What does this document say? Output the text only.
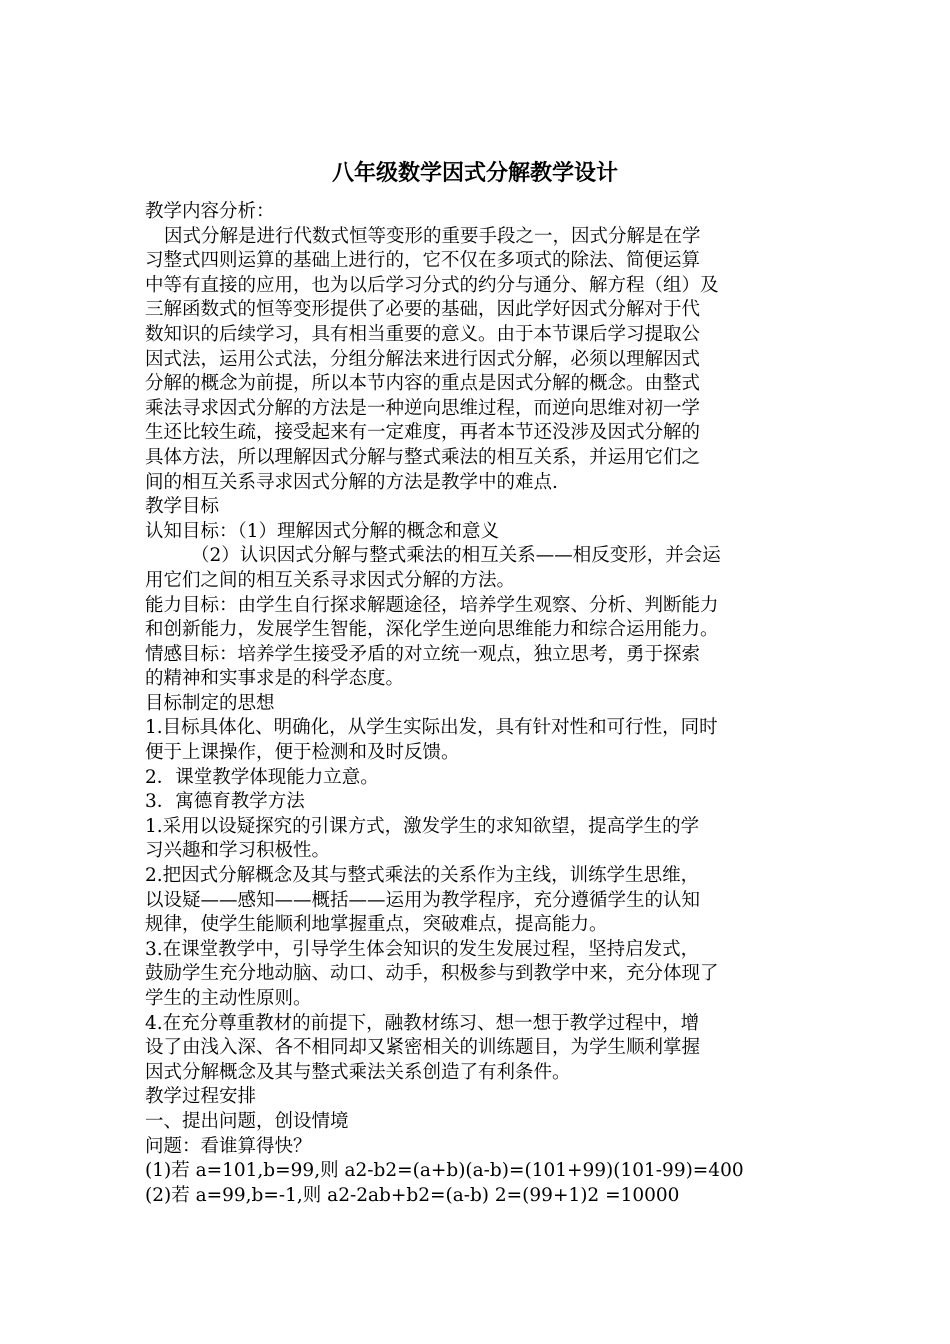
八年级数学因式分解教学设计
教学内容分析：
因式分解是进行代数式恒等变形的重要手段之一，因式分解是在学
习整式四则运算的基础上进行的，它不仅在多项式的除法、简便运算
中等有直接的应用，也为以后学习分式的约分与通分、解方程（组）及
三解函数式的恒等变形提供了必要的基础，因此学好因式分解对于代
数知识的后续学习，具有相当重要的意义。由于本节课后学习提取公
因式法，运用公式法，分组分解法来进行因式分解，必须以理解因式
分解的概念为前提，所以本节内容的重点是因式分解的概念。由整式
乘法寻求因式分解的方法是一种逆向思维过程，而逆向思维对初一学
生还比较生疏，接受起来有一定难度，再者本节还没涉及因式分解的
具体方法，所以理解因式分解与整式乘法的相互关系，并运用它们之
间的相互关系寻求因式分解的方法是教学中的难点.
教学目标
认知目标：（1）理解因式分解的概念和意义
（2）认识因式分解与整式乘法的相互关系——相反变形，并会运
用它们之间的相互关系寻求因式分解的方法。
能力目标：由学生自行探求解题途径，培养学生观察、分析、判断能力
和创新能力，发展学生智能，深化学生逆向思维能力和综合运用能力。
情感目标：培养学生接受矛盾的对立统一观点，独立思考，勇于探索
的精神和实事求是的科学态度。
目标制定的思想
1.目标具体化、明确化，从学生实际出发，具有针对性和可行性，同时
便于上课操作，便于检测和及时反馈。
2．课堂教学体现能力立意。
3．寓德育教学方法
1.采用以设疑探究的引课方式，激发学生的求知欲望，提高学生的学
习兴趣和学习积极性。
2.把因式分解概念及其与整式乘法的关系作为主线，训练学生思维，
以设疑——感知——概括——运用为教学程序，充分遵循学生的认知
规律，使学生能顺利地掌握重点，突破难点，提高能力。
3.在课堂教学中，引导学生体会知识的发生发展过程，坚持启发式，
鼓励学生充分地动脑、动口、动手，积极参与到教学中来，充分体现了
学生的主动性原则。
4.在充分尊重教材的前提下，融教材练习、想一想于教学过程中，增
设了由浅入深、各不相同却又紧密相关的训练题目，为学生顺利掌握
因式分解概念及其与整式乘法关系创造了有利条件。
教学过程安排
一、提出问题，创设情境
问题：看谁算得快？
(1)若 a=101,b=99,则 a2-b2=(a+b)(a-b)=(101+99)(101-99)=400
(2)若 a=99,b=-1,则 a2-2ab+b2=(a-b) 2=(99+1)2 =10000
